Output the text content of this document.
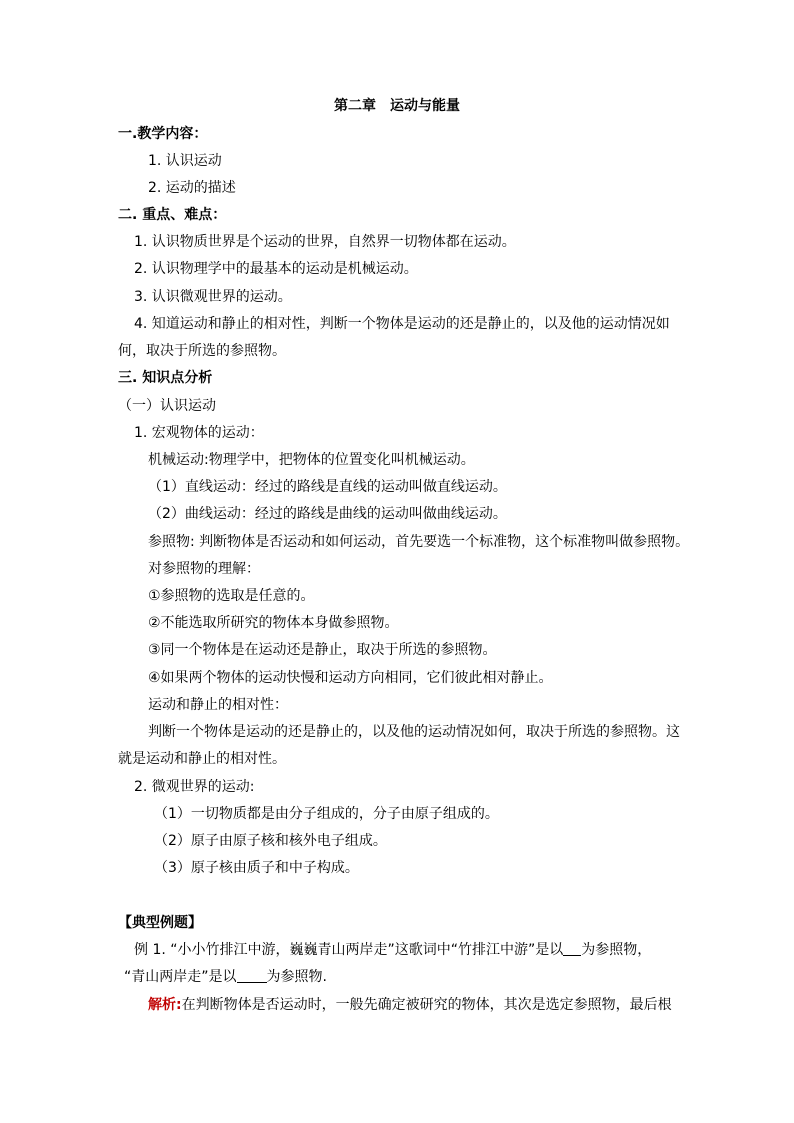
第二章　运动与能量
一.教学内容：
1. 认识运动
2. 运动的描述
二. 重点、难点：
1. 认识物质世界是个运动的世界，自然界一切物体都在运动。
2. 认识物理学中的最基本的运动是机械运动。
3. 认识微观世界的运动。
4. 知道运动和静止的相对性，判断一个物体是运动的还是静止的，以及他的运动情况如
何，取决于所选的参照物。
三. 知识点分析
（一）认识运动
1. 宏观物体的运动：
机械运动:物理学中，把物体的位置变化叫机械运动。
（1）直线运动：经过的路线是直线的运动叫做直线运动。
（2）曲线运动：经过的路线是曲线的运动叫做曲线运动。
参照物: 判断物体是否运动和如何运动，首先要选一个标准物，这个标准物叫做参照物。
对参照物的理解：
①参照物的选取是任意的。
②不能选取所研究的物体本身做参照物。
③同一个物体是在运动还是静止，取决于所选的参照物。
④如果两个物体的运动快慢和运动方向相同，它们彼此相对静止。
运动和静止的相对性：
判断一个物体是运动的还是静止的，以及他的运动情况如何，取决于所选的参照物。这
就是运动和静止的相对性。
2. 微观世界的运动:
（1）一切物质都是由分子组成的，分子由原子组成的。
（2）原子由原子核和核外电子组成。
（3）原子核由质子和中子构成。
【典型例题】
例 1. “小小竹排江中游，巍巍青山两岸走”这歌词中“竹排江中游”是以 为参照物，
“青山两岸走”是以 为参照物.
解析:在判断物体是否运动时，一般先确定被研究的物体，其次是选定参照物，最后根
